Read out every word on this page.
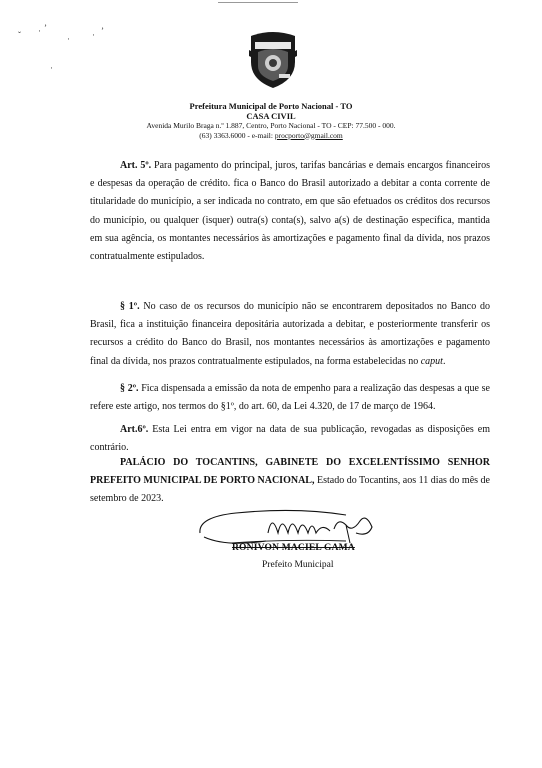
ˇ · ʼ
· · ʼ
·
Prefeitura Municipal de Porto Nacional - TO
CASA CIVIL
Avenida Murilo Braga n.º 1.887, Centro, Porto Nacional - TO - CEP: 77.500 - 000.
(63) 3363.6000 - e-mail: procporto@gmail.com

Art. 5º. Para pagamento do principal, juros, tarifas bancárias e demais encargos financeiros e despesas da operação de crédito. fica o Banco do Brasil autorizado a debitar a conta corrente de titularidade do município, a ser indicada no contrato, em que são efetuados os créditos dos recursos do município, ou qualquer (isquer) outra(s) conta(s), salvo a(s) de destinação específica, mantida em sua agência, os montantes necessários às amortizações e pagamento final da dívida, nos prazos contratualmente estipulados.

§ 1º. No caso de os recursos do município não se encontrarem depositados no Banco do Brasil, fica a instituição financeira depositária autorizada a debitar, e posteriormente transferir os recursos a crédito do Banco do Brasil, nos montantes necessários às amortizações e pagamento final da dívida, nos prazos contratualmente estipulados, na forma estabelecidas no caput.

§ 2º. Fica dispensada a emissão da nota de empenho para a realização das despesas a que se refere este artigo, nos termos do §1º, do art. 60, da Lei 4.320, de 17 de março de 1964.

Art.6º. Esta Lei entra em vigor na data de sua publicação, revogadas as disposições em contrário.

PALÁCIO DO TOCANTINS, GABINETE DO EXCELENTÍSSIMO SENHOR PREFEITO MUNICIPAL DE PORTO NACIONAL, Estado do Tocantins, aos 11 dias do mês de setembro de 2023.

RONIVON MACIEL GAMA
Prefeito Municipal
